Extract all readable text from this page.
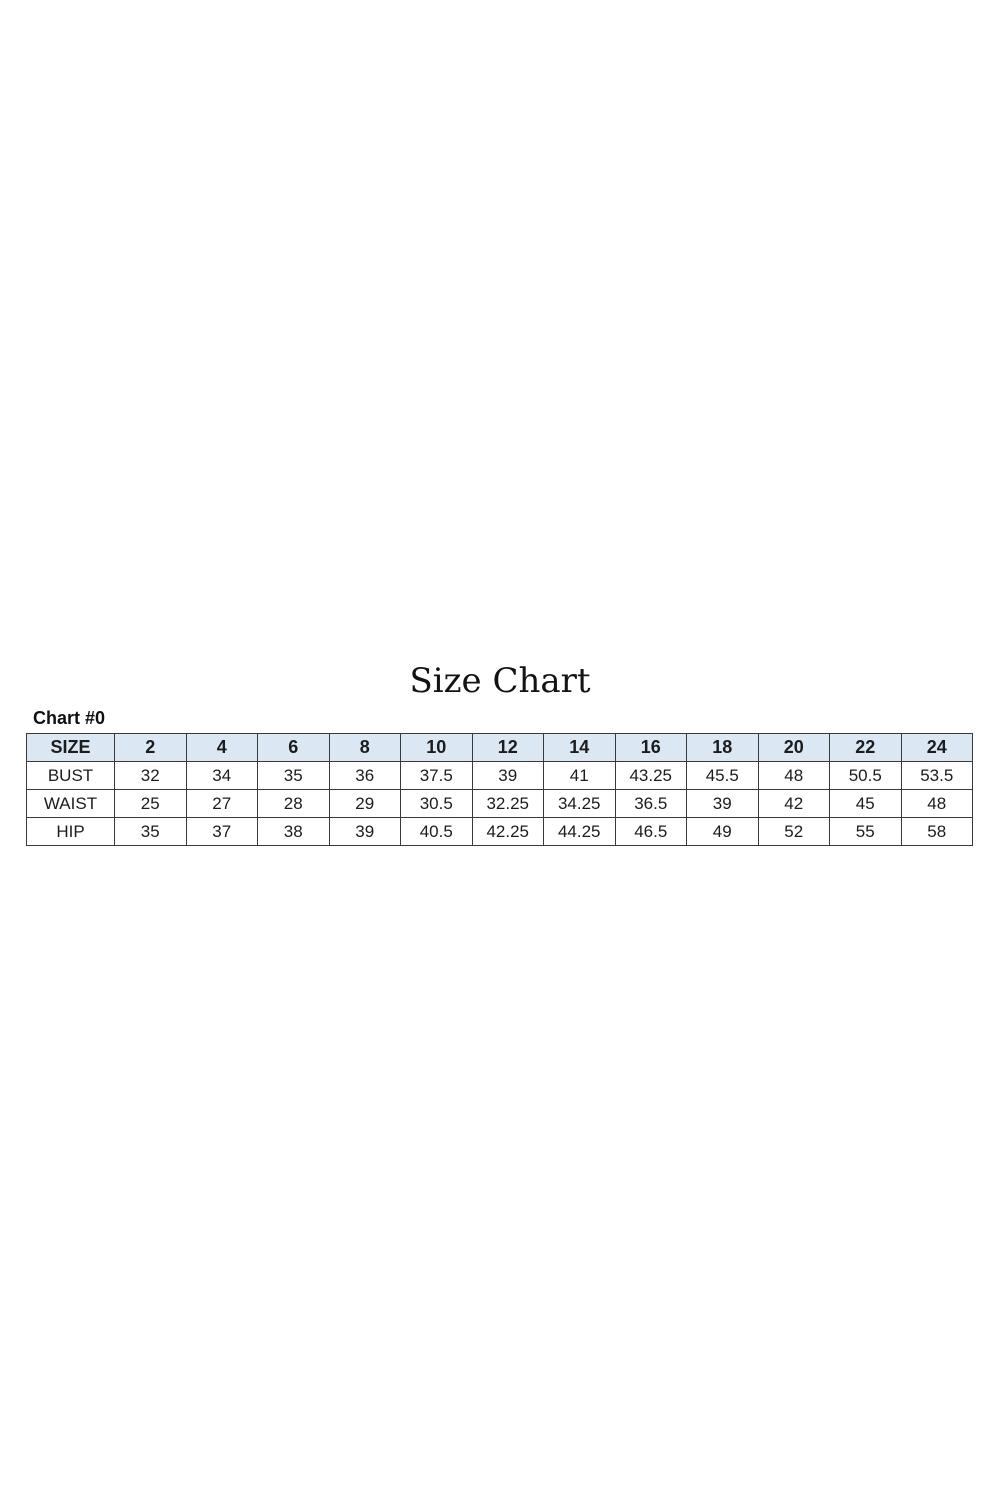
Size Chart
Chart #0
SIZE	2	4	6	8	10	12	14	16	18	20	22	24
BUST	32	34	35	36	37.5	39	41	43.25	45.5	48	50.5	53.5
WAIST	25	27	28	29	30.5	32.25	34.25	36.5	39	42	45	48
HIP	35	37	38	39	40.5	42.25	44.25	46.5	49	52	55	58
